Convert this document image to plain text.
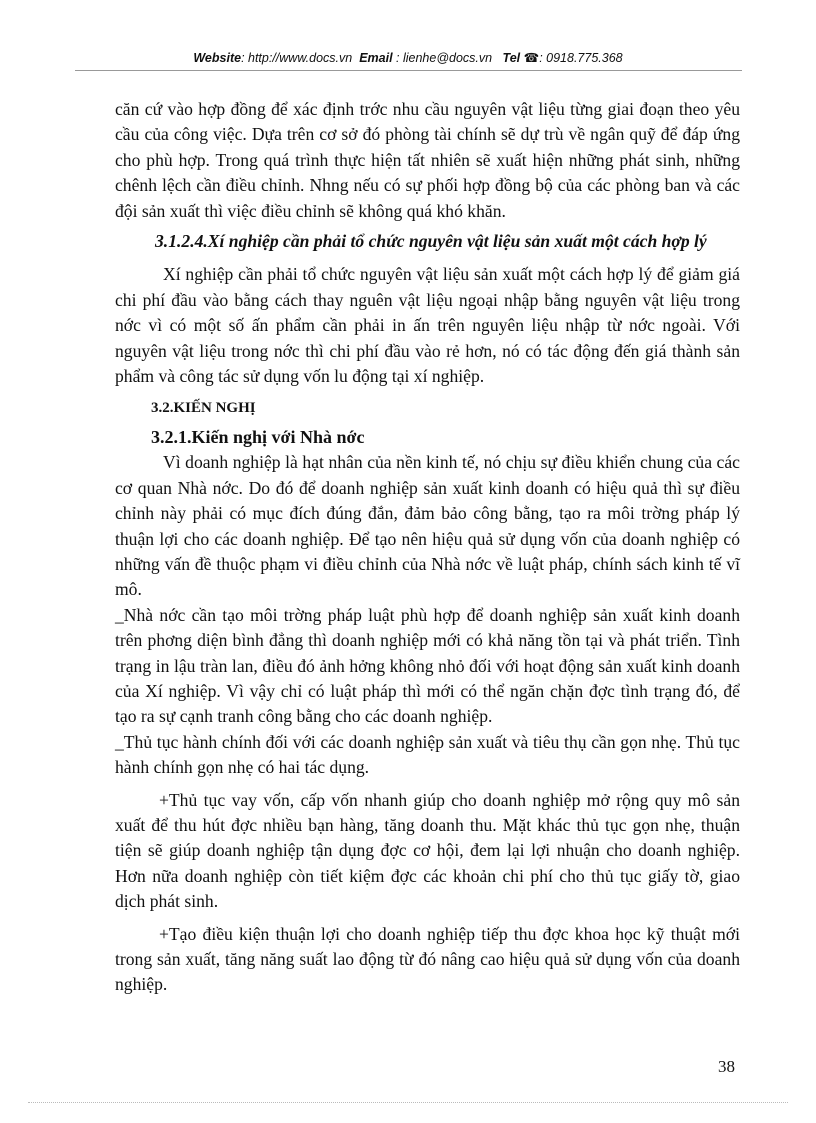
Website: http://www.docs.vn Email : lienhe@docs.vn Tel ☎: 0918.775.368

căn cứ vào hợp đồng để xác định trớc nhu cầu nguyên vật liệu từng giai đoạn theo yêu cầu của công việc. Dựa trên cơ sở đó phòng tài chính sẽ dự trù về ngân quỹ để đáp ứng cho phù hợp. Trong quá trình thực hiện tất nhiên sẽ xuất hiện những phát sinh, những chênh lệch cần điều chỉnh. Nhng nếu có sự phối hợp đồng bộ của các phòng ban và các đội sản xuất thì việc điều chỉnh sẽ không quá khó khăn.

3.1.2.4.Xí nghiệp cần phải tổ chức nguyên vật liệu sản xuất một cách hợp lý

Xí nghiệp cần phải tổ chức nguyên vật liệu sản xuất một cách hợp lý để giảm giá chi phí đầu vào bằng cách thay nguên vật liệu ngoại nhập bằng nguyên vật liệu trong nớc vì có một số ấn phẩm cần phải in ấn trên nguyên liệu nhập từ nớc ngoài. Với nguyên vật liệu trong nớc thì chi phí đầu vào rẻ hơn, nó có tác động đến giá thành sản phẩm và công tác sử dụng vốn lu động tại xí nghiệp.

3.2.KIẾN NGHỊ

3.2.1.Kiến nghị với Nhà nớc

Vì doanh nghiệp là hạt nhân của nền kinh tế, nó chịu sự điều khiển chung của các cơ quan Nhà nớc. Do đó để doanh nghiệp sản xuất kinh doanh có hiệu quả thì sự điều chỉnh này phải có mục đích đúng đắn, đảm bảo công bằng, tạo ra môi trờng pháp lý thuận lợi cho các doanh nghiệp. Để tạo nên hiệu quả sử dụng vốn của doanh nghiệp có những vấn đề thuộc phạm vi điều chỉnh của Nhà nớc về luật pháp, chính sách kinh tế vĩ mô.

_Nhà nớc cần tạo môi trờng pháp luật phù hợp để doanh nghiệp sản xuất kinh doanh trên phơng diện bình đẳng thì doanh nghiệp mới có khả năng tồn tại và phát triển. Tình trạng in lậu tràn lan, điều đó ảnh hởng không nhỏ đối với hoạt động sản xuất kinh doanh của Xí nghiệp. Vì vậy chỉ có luật pháp thì mới có thể ngăn chặn đợc tình trạng đó, để tạo ra sự cạnh tranh công bằng cho các doanh nghiệp.

_Thủ tục hành chính đối với các doanh nghiệp sản xuất và tiêu thụ cần gọn nhẹ. Thủ tục hành chính gọn nhẹ có hai tác dụng.

+Thủ tục vay vốn, cấp vốn nhanh giúp cho doanh nghiệp mở rộng quy mô sản xuất để thu hút đợc nhiều bạn hàng, tăng doanh thu. Mặt khác thủ tục gọn nhẹ, thuận tiện sẽ giúp doanh nghiệp tận dụng đợc cơ hội, đem lại lợi nhuận cho doanh nghiệp. Hơn nữa doanh nghiệp còn tiết kiệm đợc các khoản chi phí cho thủ tục giấy tờ, giao dịch phát sinh.

+Tạo điều kiện thuận lợi cho doanh nghiệp tiếp thu đợc khoa học kỹ thuật mới trong sản xuất, tăng năng suất lao động từ đó nâng cao hiệu quả sử dụng vốn của doanh nghiệp.

38
